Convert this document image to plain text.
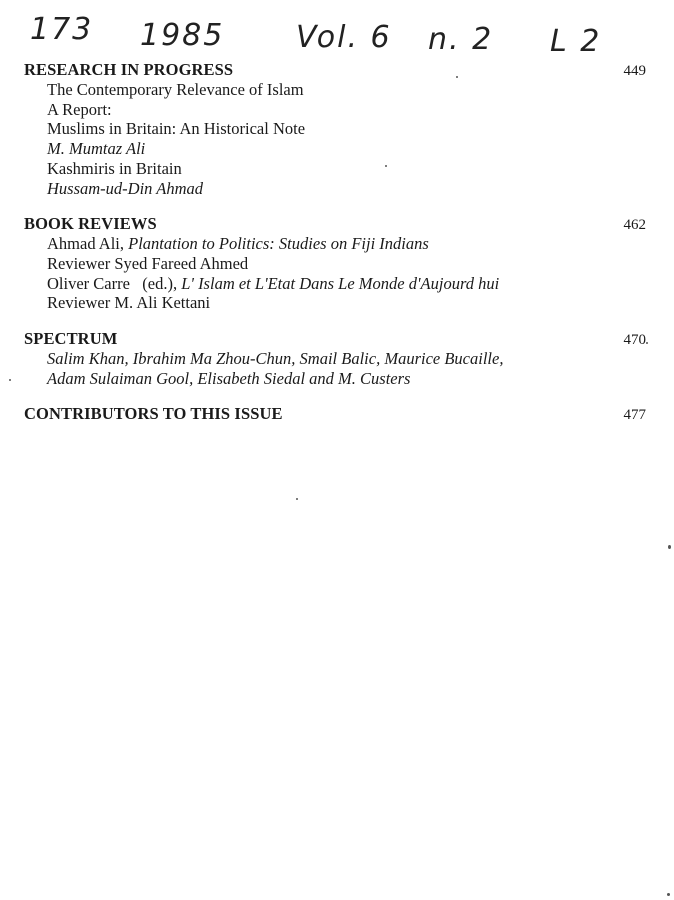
173 1985 Vol. 6 n. 2 L 2
RESEARCH IN PROGRESS	449
The Contemporary Relevance of Islam
A Report:
Muslims in Britain: An Historical Note
M. Mumtaz Ali
Kashmiris in Britain
Hussam-ud-Din Ahmad
BOOK REVIEWS	462
Ahmad Ali, Plantation to Politics: Studies on Fiji Indians
Reviewer Syed Fareed Ahmed
Oliver Carre   (ed.), L' Islam et L'Etat Dans Le Monde d'Aujourd hui
Reviewer M. Ali Kettani
SPECTRUM	470
Salim Khan, Ibrahim Ma Zhou-Chun, Smail Balic, Maurice Bucaille,
Adam Sulaiman Gool, Elisabeth Siedal and M. Custers
CONTRIBUTORS TO THIS ISSUE	477
